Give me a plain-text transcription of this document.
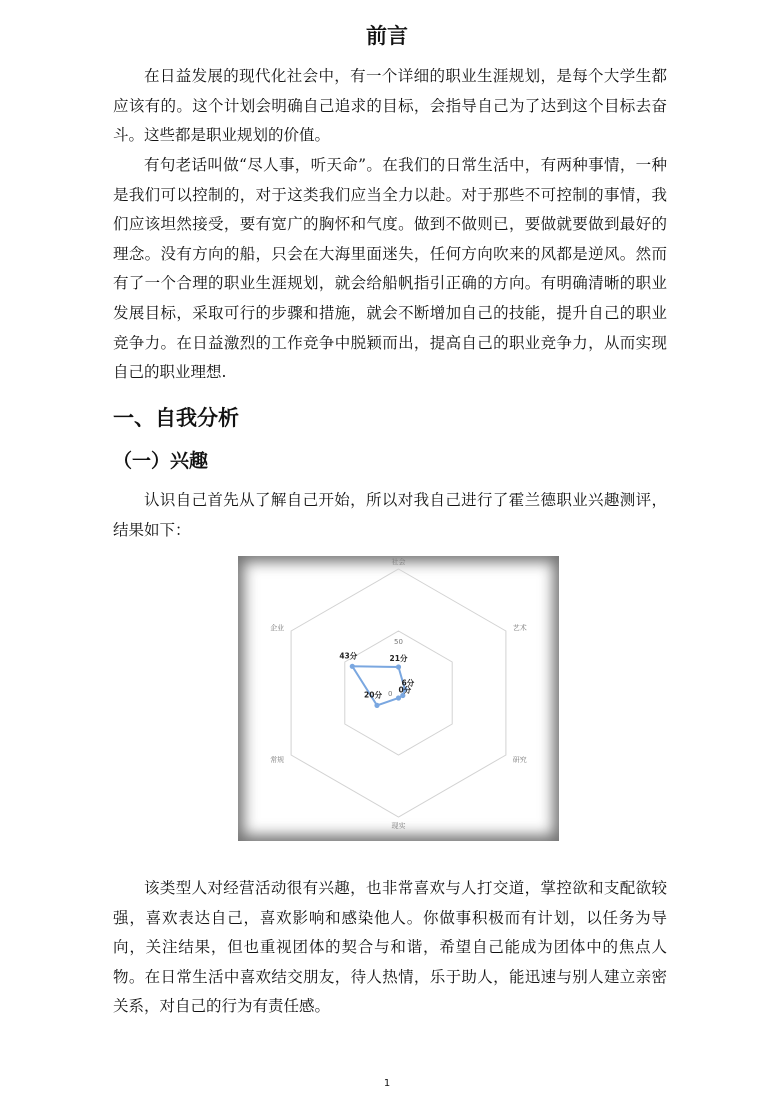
前言

在日益发展的现代化社会中，有一个详细的职业生涯规划，是每个大学生都应该有的。这个计划会明确自己追求的目标，会指导自己为了达到这个目标去奋斗。这些都是职业规划的价值。

有句老话叫做“尽人事，听天命”。在我们的日常生活中，有两种事情，一种是我们可以控制的，对于这类我们应当全力以赴。对于那些不可控制的事情，我们应该坦然接受，要有宽广的胸怀和气度。做到不做则已，要做就要做到最好的理念。没有方向的船，只会在大海里面迷失，任何方向吹来的风都是逆风。然而有了一个合理的职业生涯规划，就会给船帆指引正确的方向。有明确清晰的职业发展目标，采取可行的步骤和措施，就会不断增加自己的技能，提升自己的职业竞争力。在日益激烈的工作竞争中脱颖而出，提高自己的职业竞争力，从而实现自己的职业理想.

一、自我分析
（一）兴趣

认识自己首先从了解自己开始，所以对我自己进行了霍兰德职业兴趣测评，结果如下：

社会
艺术
研究
现实
常规
企业
0
50
21分
6分
0分
20分
43分

该类型人对经营活动很有兴趣，也非常喜欢与人打交道，掌控欲和支配欲较强，喜欢表达自己，喜欢影响和感染他人。你做事积极而有计划，以任务为导向，关注结果，但也重视团体的契合与和谐，希望自己能成为团体中的焦点人物。在日常生活中喜欢结交朋友，待人热情，乐于助人，能迅速与别人建立亲密关系，对自己的行为有责任感。

1
